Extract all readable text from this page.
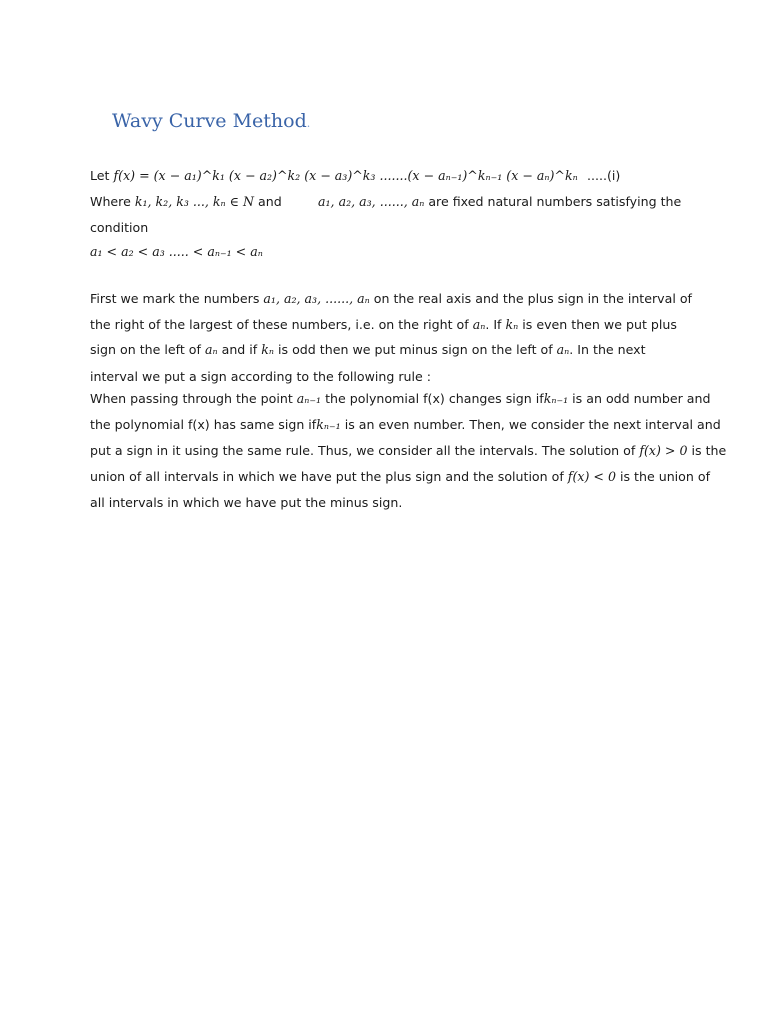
Wavy Curve Method.

Let f(x) = (x − a₁)^k₁ (x − a₂)^k₂ (x − a₃)^k₃ .......(x − aₙ₋₁)^kₙ₋₁ (x − aₙ)^kₙ .....(i)

Where k₁, k₂, k₃ ..., kₙ ∈ N and	a₁, a₂, a₃, ......, aₙ are fixed natural numbers satisfying the

condition

a₁ < a₂ < a₃ ..... < aₙ₋₁ < aₙ

First we mark the numbers a₁, a₂, a₃, ......, aₙ on the real axis and the plus sign in the interval of

the right of the largest of these numbers, i.e. on the right of aₙ. If kₙ is even then we put plus

sign on the left of aₙ and if kₙ is odd then we put minus sign on the left of aₙ. In the next

interval we put a sign according to the following rule :

When passing through the point aₙ₋₁ the polynomial f(x) changes sign ifkₙ₋₁ is an odd number and

the polynomial f(x) has same sign ifkₙ₋₁ is an even number. Then, we consider the next interval and

put a sign in it using the same rule. Thus, we consider all the intervals. The solution of f(x) > 0 is the

union of all intervals in which we have put the plus sign and the solution of f(x) < 0 is the union of

all intervals in which we have put the minus sign.
